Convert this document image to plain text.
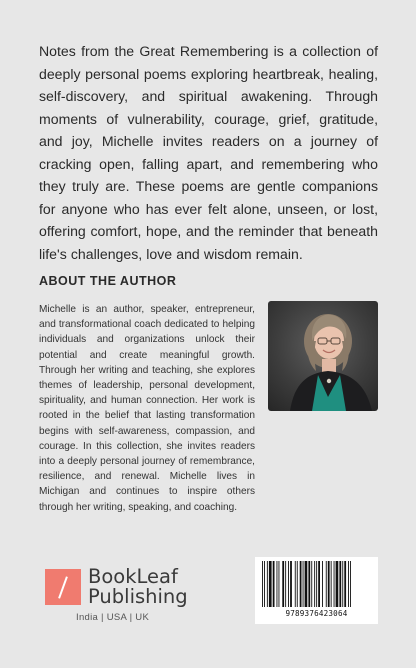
Notes from the Great Remembering is a collection of deeply personal poems exploring heartbreak, healing, self-discovery, and spiritual awakening. Through moments of vulnerability, courage, grief, gratitude, and joy, Michelle invites readers on a journey of cracking open, falling apart, and remembering who they truly are. These poems are gentle companions for anyone who has ever felt alone, unseen, or lost, offering comfort, hope, and the reminder that beneath life's challenges, love and wisdom remain.
ABOUT THE AUTHOR
Michelle is an author, speaker, entrepreneur, and transformational coach dedicated to helping individuals and organizations unlock their potential and create meaningful growth. Through her writing and teaching, she explores themes of leadership, personal development, spirituality, and human connection. Her work is rooted in the belief that lasting transformation begins with self-awareness, compassion, and courage. In this collection, she invites readers into a deeply personal journey of remembrance, resilience, and renewal. Michelle lives in Michigan and continues to inspire others through her writing, speaking, and coaching.
BookLeaf
Publishing
India | USA | UK	9789376423064
